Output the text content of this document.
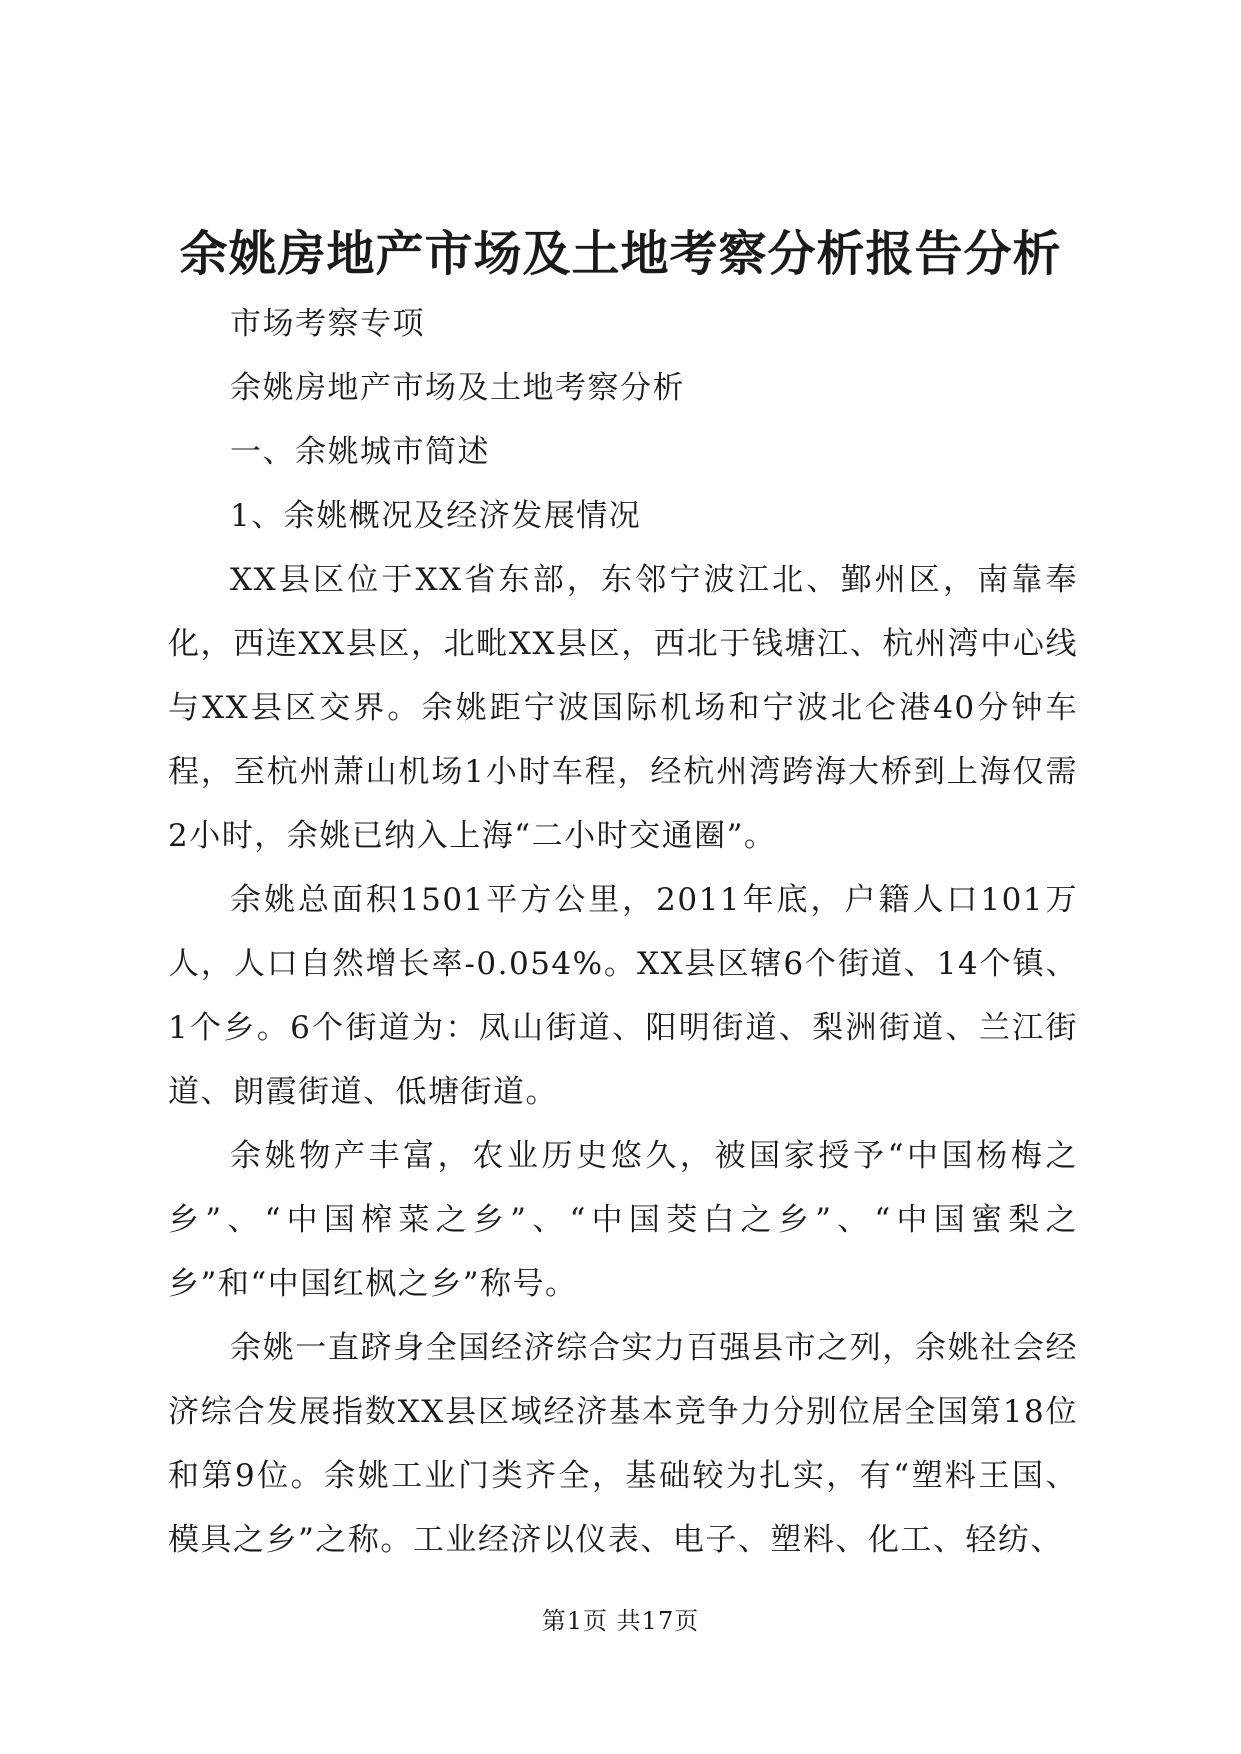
余姚房地产市场及土地考察分析报告分析

市场考察专项

余姚房地产市场及土地考察分析

一、余姚城市简述

1、余姚概况及经济发展情况

XX县区位于XX省东部，东邻宁波江北、鄞州区，南靠奉化，西连XX县区，北毗XX县区，西北于钱塘江、杭州湾中心线与XX县区交界。余姚距宁波国际机场和宁波北仑港40分钟车程，至杭州萧山机场1小时车程，经杭州湾跨海大桥到上海仅需2小时，余姚已纳入上海“二小时交通圈”。

余姚总面积1501平方公里，2011年底，户籍人口101万人，人口自然增长率-0.054%。XX县区辖6个街道、14个镇、1个乡。6个街道为：凤山街道、阳明街道、梨洲街道、兰江街道、朗霞街道、低塘街道。

余姚物产丰富，农业历史悠久，被国家授予“中国杨梅之乡”、“中国榨菜之乡”、“中国茭白之乡”、“中国蜜梨之乡”和“中国红枫之乡”称号。

余姚一直跻身全国经济综合实力百强县市之列，余姚社会经济综合发展指数XX县区域经济基本竞争力分别位居全国第18位和第9位。余姚工业门类齐全，基础较为扎实，有“塑料王国、模具之乡”之称。工业经济以仪表、电子、塑料、化工、轻纺、

第1页 共17页
